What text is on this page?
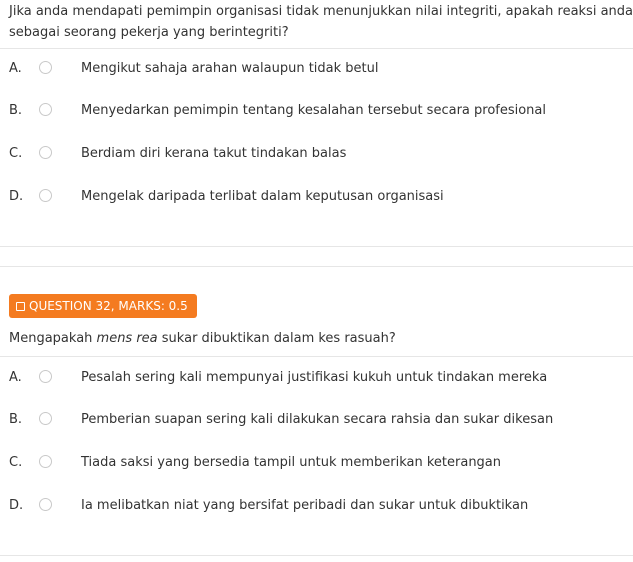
Jika anda mendapati pemimpin organisasi tidak menunjukkan nilai integriti, apakah reaksi anda sebagai seorang pekerja yang berintegriti?
A.	Mengikut sahaja arahan walaupun tidak betul
B.	Menyedarkan pemimpin tentang kesalahan tersebut secara profesional
C.	Berdiam diri kerana takut tindakan balas
D.	Mengelak daripada terlibat dalam keputusan organisasi
QUESTION 32, MARKS: 0.5
Mengapakah mens rea sukar dibuktikan dalam kes rasuah?
A.	Pesalah sering kali mempunyai justifikasi kukuh untuk tindakan mereka
B.	Pemberian suapan sering kali dilakukan secara rahsia dan sukar dikesan
C.	Tiada saksi yang bersedia tampil untuk memberikan keterangan
D.	Ia melibatkan niat yang bersifat peribadi dan sukar untuk dibuktikan
